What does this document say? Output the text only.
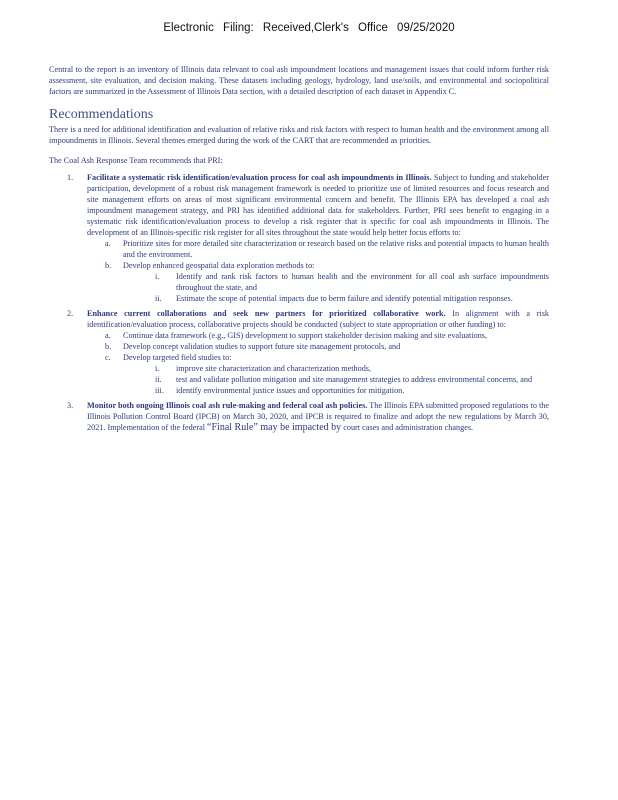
Electronic Filing: Received,Clerk's Office 09/25/2020

Central to the report is an inventory of Illinois data relevant to coal ash impoundment locations and management issues that could inform further risk assessment, site evaluation, and decision making. These datasets including geology, hydrology, land use/soils, and environmental and sociopolitical factors are summarized in the Assessment of Illinois Data section, with a detailed description of each dataset in Appendix C.

Recommendations

There is a need for additional identification and evaluation of relative risks and risk factors with respect to human health and the environment among all impoundments in Illinois. Several themes emerged during the work of the CART that are recommended as priorities.

The Coal Ash Response Team recommends that PRI:

1. Facilitate a systematic risk identification/evaluation process for coal ash impoundments in Illinois. Subject to funding and stakeholder participation, development of a robust risk management framework is needed to prioritize use of limited resources and focus research and site management efforts on areas of most significant environmental concern and benefit. The Illinois EPA has developed a coal ash impoundment management strategy, and PRI has identified additional data for stakeholders. Further, PRI sees benefit to engaging in a systematic risk identification/evaluation process to develop a risk register that is specific for coal ash impoundments in Illinois. The development of an Illinois-specific risk register for all sites throughout the state would help better focus efforts to:
a. Prioritize sites for more detailed site characterization or research based on the relative risks and potential impacts to human health and the environment.
b. Develop enhanced geospatial data exploration methods to:
i. Identify and rank risk factors to human health and the environment for all coal ash surface impoundments throughout the state, and
ii. Estimate the scope of potential impacts due to berm failure and identify potential mitigation responses.
2. Enhance current collaborations and seek new partners for prioritized collaborative work. In alignment with a risk identification/evaluation process, collaborative projects should be conducted (subject to state appropriation or other funding) to:
a. Continue data framework (e.g., GIS) development to support stakeholder decision making and site evaluations,
b. Develop concept validation studies to support future site management protocols, and
c. Develop targeted field studies to:
i. improve site characterization and characterization methods,
ii. test and validate pollution mitigation and site management strategies to address environmental concerns, and
iii. identify environmental justice issues and opportunities for mitigation.
3. Monitor both ongoing Illinois coal ash rule-making and federal coal ash policies. The Illinois EPA submitted proposed regulations to the Illinois Pollution Control Board (IPCB) on March 30, 2020, and IPCB is required to finalize and adopt the new regulations by March 30, 2021. Implementation of the federal “Final Rule” may be impacted by court cases and administration changes.
